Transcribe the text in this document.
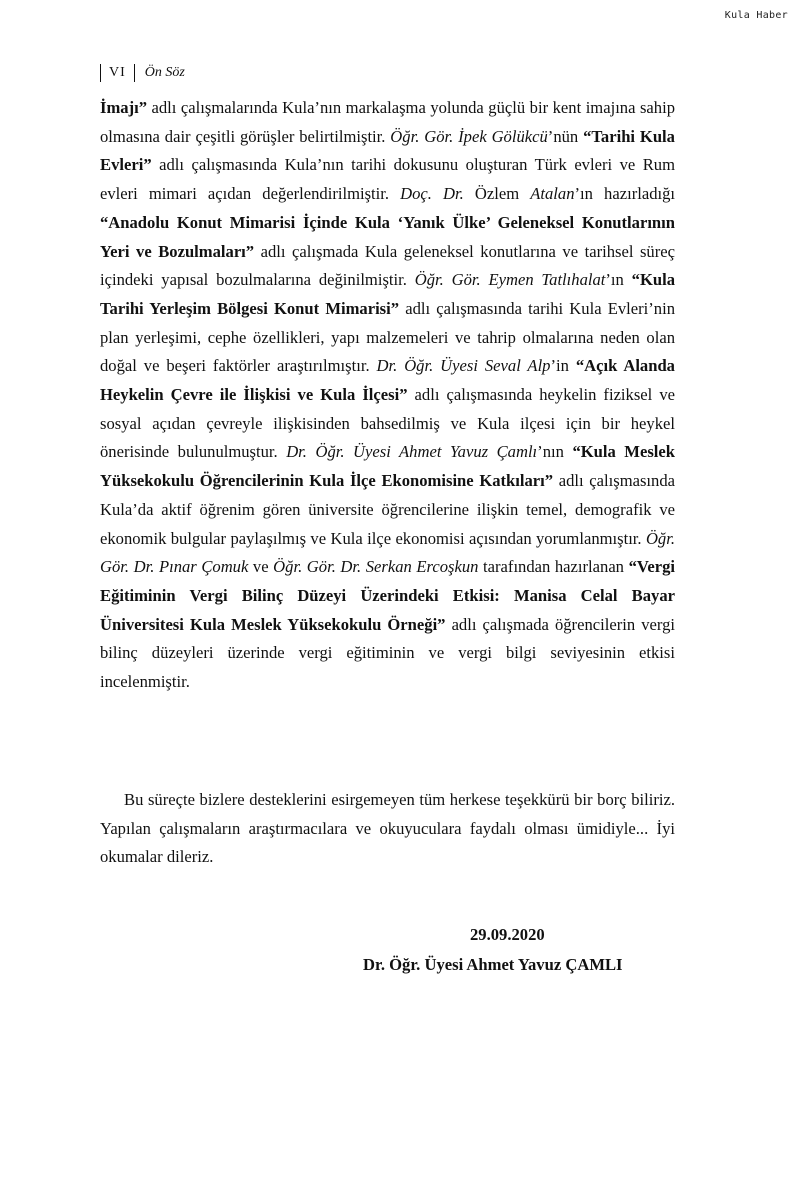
Kula Haber
VI Ön Söz

İmajı” adlı çalışmalarında Kula’nın markalaşma yolunda güçlü bir kent imajına sahip olmasına dair çeşitli görüşler belirtilmiştir. Öğr. Gör. İpek Gölükcü’nün “Tarihi Kula Evleri” adlı çalışmasında Kula’nın tarihi dokusunu oluşturan Türk evleri ve Rum evleri mimari açıdan değerlendirilmiştir. Doç. Dr. Özlem Atalan’ın hazırladığı “Anadolu Konut Mimarisi İçinde Kula ‘Yanık Ülke’ Geleneksel Konutlarının Yeri ve Bozulmaları” adlı çalışmada Kula geleneksel konutlarına ve tarihsel süreç içindeki yapısal bozulmalarına değinilmiştir. Öğr. Gör. Eymen Tatlıhalat’ın “Kula Tarihi Yerleşim Bölgesi Konut Mimarisi” adlı çalışmasında tarihi Kula Evleri’nin plan yerleşimi, cephe özellikleri, yapı malzemeleri ve tahrip olmalarına neden olan doğal ve beşeri faktörler araştırılmıştır. Dr. Öğr. Üyesi Seval Alp’in “Açık Alanda Heykelin Çevre ile İlişkisi ve Kula İlçesi” adlı çalışmasında heykelin fiziksel ve sosyal açıdan çevreyle ilişkisinden bahsedilmiş ve Kula ilçesi için bir heykel önerisinde bulunulmuştur. Dr. Öğr. Üyesi Ahmet Yavuz Çamlı’nın “Kula Meslek Yüksekokulu Öğrencilerinin Kula İlçe Ekonomisine Katkıları” adlı çalışmasında Kula’da aktif öğrenim gören üniversite öğrencilerine ilişkin temel, demografik ve ekonomik bulgular paylaşılmış ve Kula ilçe ekonomisi açısından yorumlanmıştır. Öğr. Gör. Dr. Pınar Çomuk ve Öğr. Gör. Dr. Serkan Ercoşkun tarafından hazırlanan “Vergi Eğitiminin Vergi Bilinç Düzeyi Üzerindeki Etkisi: Manisa Celal Bayar Üniversitesi Kula Meslek Yüksekokulu Örneği” adlı çalışmada öğrencilerin vergi bilinç düzeyleri üzerinde vergi eğitiminin ve vergi bilgi seviyesinin etkisi incelenmiştir.

Bu süreçte bizlere desteklerini esirgemeyen tüm herkese teşekkürü bir borç biliriz. Yapılan çalışmaların araştırmacılara ve okuyuculara faydalı olması ümidiyle... İyi okumalar dileriz.

29.09.2020
Dr. Öğr. Üyesi Ahmet Yavuz ÇAMLI
